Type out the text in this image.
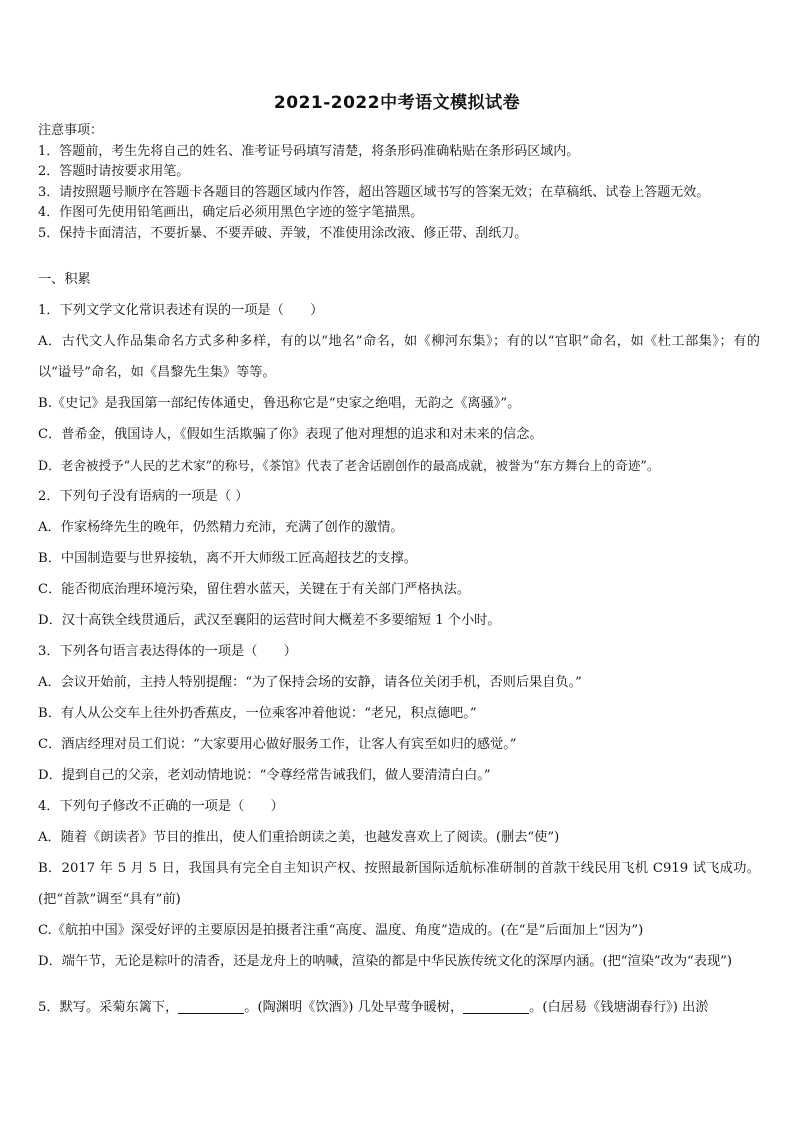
2021-2022中考语文模拟试卷
注意事项：
1．答题前，考生先将自己的姓名、准考证号码填写清楚，将条形码准确粘贴在条形码区域内。
2．答题时请按要求用笔。
3．请按照题号顺序在答题卡各题目的答题区域内作答，超出答题区域书写的答案无效；在草稿纸、试卷上答题无效。
4．作图可先使用铅笔画出，确定后必须用黑色字迹的签字笔描黑。
5．保持卡面清洁，不要折暴、不要弄破、弄皱，不准使用涂改液、修正带、刮纸刀。
一、积累
1．下列文学文化常识表述有误的一项是（　　）
A．古代文人作品集命名方式多种多样，有的以“地名”命名，如《柳河东集》；有的以“官职”命名，如《杜工部集》；有的以“谥号”命名，如《昌黎先生集》等等。
B.《史记》是我国第一部纪传体通史，鲁迅称它是“史家之绝唱，无韵之《离骚》”。
C．普希金，俄国诗人，《假如生活欺骗了你》表现了他对理想的追求和对未来的信念。
D．老舍被授予“人民的艺术家”的称号，《茶馆》代表了老舍话剧创作的最高成就，被誉为“东方舞台上的奇迹”。
2．下列句子没有语病的一项是（ ）
A．作家杨绛先生的晚年，仍然精力充沛，充满了创作的激情。
B．中国制造要与世界接轨，离不开大师级工匠高超技艺的支撑。
C．能否彻底治理环境污染，留住碧水蓝天，关键在于有关部门严格执法。
D．汉十高铁全线贯通后，武汉至襄阳的运营时间大概差不多要缩短 1 个小时。
3．下列各句语言表达得体的一项是（　　）
A．会议开始前，主持人特别提醒：“为了保持会场的安静，请各位关闭手机，否则后果自负。”
B．有人从公交车上往外扔香蕉皮，一位乘客冲着他说：“老兄，积点德吧。”
C．酒店经理对员工们说：“大家要用心做好服务工作，让客人有宾至如归的感觉。”
D．提到自己的父亲，老刘动情地说：“令尊经常告诫我们，做人要清清白白。”
4．下列句子修改不正确的一项是（　　）
A．随着《朗读者》节目的推出，使人们重拾朗读之美，也越发喜欢上了阅读。(删去“使”)
B．2017 年 5 月 5 日，我国具有完全自主知识产权、按照最新国际适航标准研制的首款干线民用飞机 C919 试飞成功。(把“首款”调至“具有”前)
C.《航拍中国》深受好评的主要原因是拍摄者注重“高度、温度、角度”造成的。(在“是”后面加上“因为”)
D．端午节，无论是粽叶的清香，还是龙舟上的呐喊，渲染的都是中华民族传统文化的深厚内涵。(把“渲染”改为“表现”)
5．默写。采菊东篱下，	。(陶渊明《饮酒》) 几处早莺争暖树，	。(白居易《钱塘湖春行》) 出淤
